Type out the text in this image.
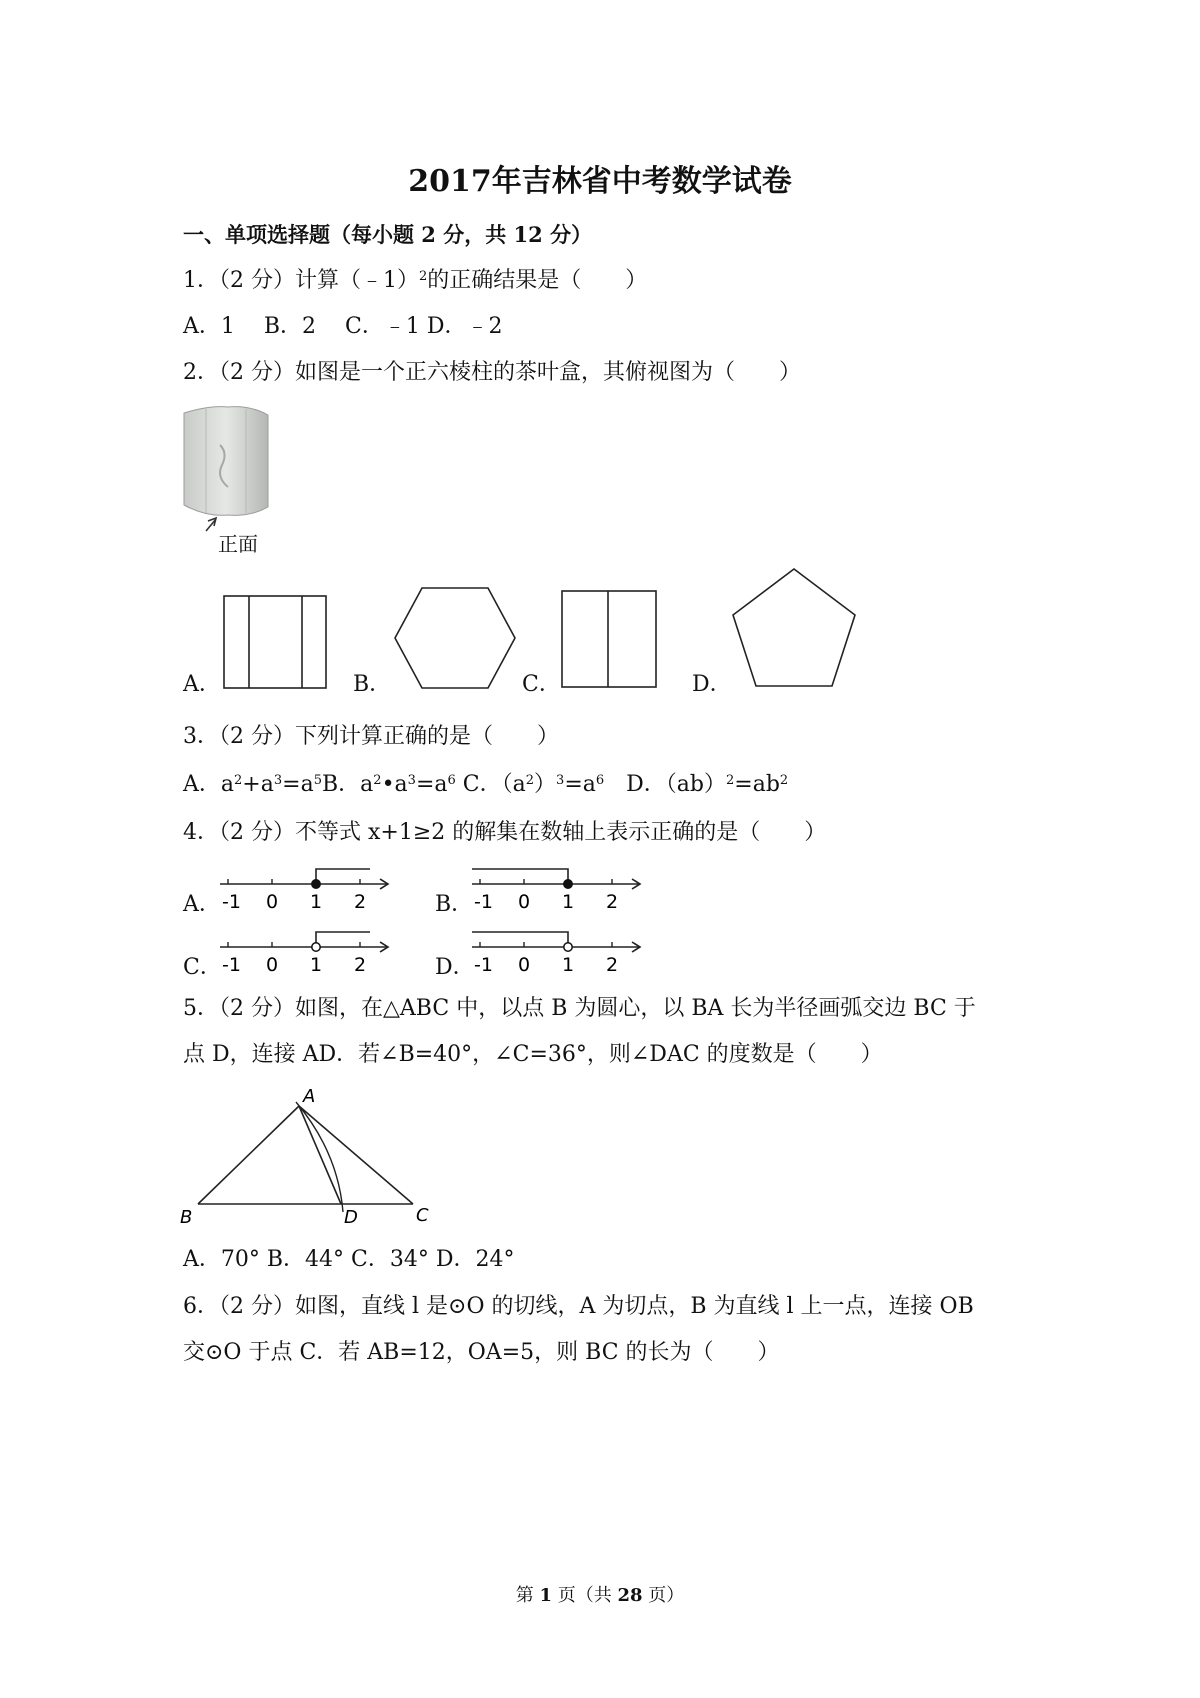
2017年吉林省中考数学试卷
一、单项选择题（每小题 2 分，共 12 分）
1．（2 分）计算（﹣1）$^2$的正确结果是（　　）
A．1　 B．2　 C．﹣1 D．﹣2
2．（2 分）如图是一个正六棱柱的茶叶盒，其俯视图为（　　）
正面
A．	B．	C．	D．
3．（2 分）下列计算正确的是（　　）
A．$a^2+a^3=a^5B$．$a^2•a^3=a^6$ C．$(a^2)^3=a^6$　D．$(ab)^2=ab^2$
4．（2 分）不等式 x+1≥2 的解集在数轴上表示正确的是（　　）
A． -1 0 1 2	B． -1 0 1 2
C． -1 0 1 2	D． -1 0 1 2
5．（2 分）如图，在△ABC 中，以点 B 为圆心，以 BA 长为半径画弧交边 BC 于
点 D，连接 AD．若∠B=40°，∠C=36°，则∠DAC 的度数是（　　）
A
B	D	C
A．70° B．44° C．34° D．24°
6．（2 分）如图，直线 l 是⊙O 的切线，A 为切点，B 为直线 l 上一点，连接 OB
交⊙O 于点 C．若 AB=12，OA=5，则 BC 的长为（　　）
第 1 页（共 28 页）
